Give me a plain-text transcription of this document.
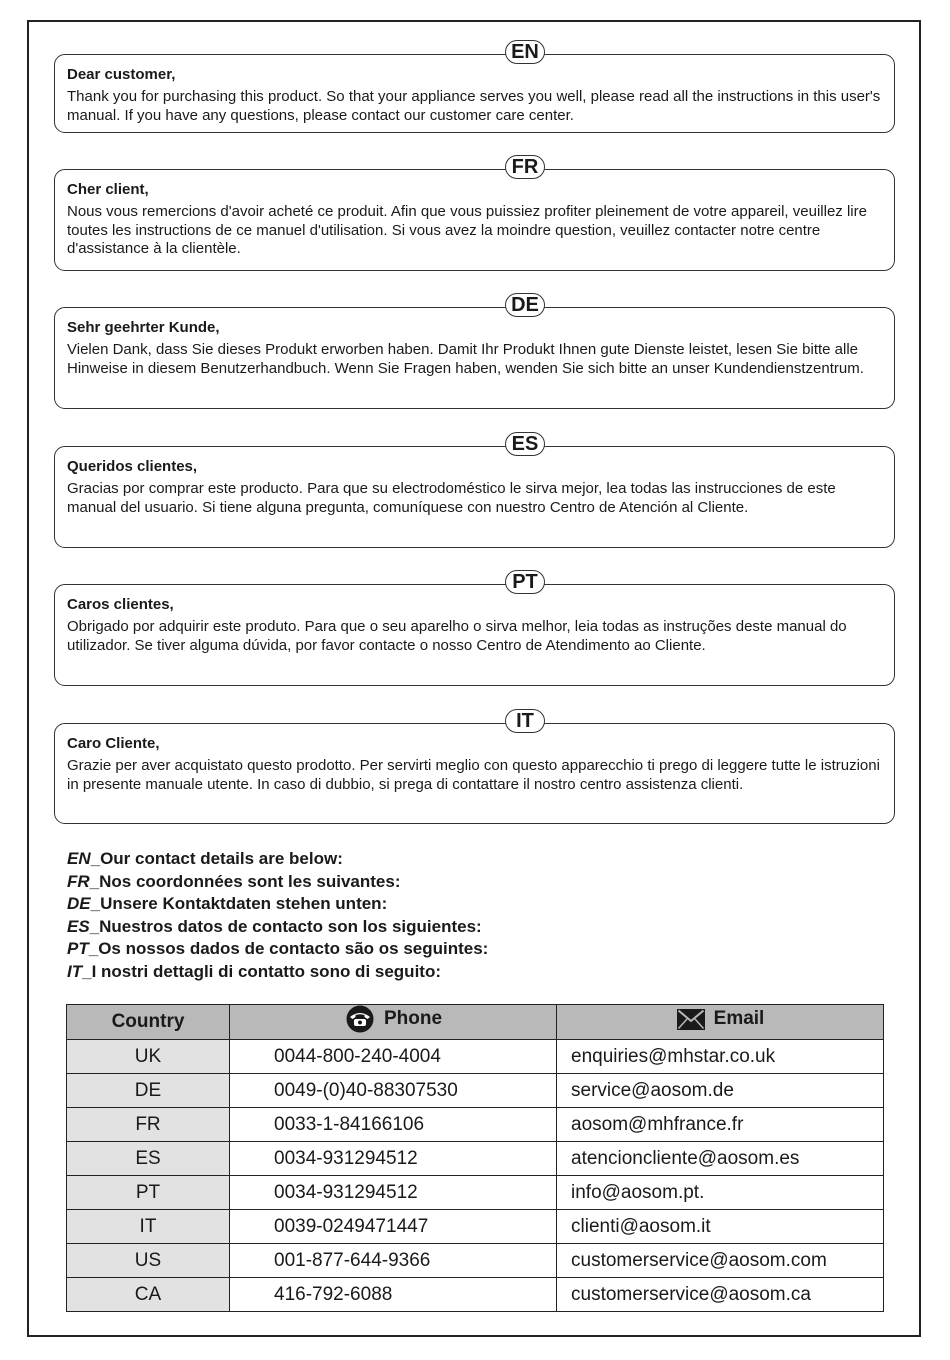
EN

Dear customer,

Thank you for purchasing this product. So that your appliance serves you well, please read all the instructions in this user's manual. If you have any questions, please contact our customer care center.

FR

Cher client,

Nous vous remercions d'avoir acheté ce produit. Afin que vous puissiez profiter pleinement de votre appareil, veuillez lire toutes les instructions de ce manuel d'utilisation. Si vous avez la moindre question, veuillez contacter notre centre d'assistance à la clientèle.

DE

Sehr geehrter Kunde,

Vielen Dank, dass Sie dieses Produkt erworben haben. Damit Ihr Produkt Ihnen gute Dienste leistet, lesen Sie bitte alle Hinweise in diesem Benutzerhandbuch. Wenn Sie Fragen haben, wenden Sie sich bitte an unser Kundendienstzentrum.

ES

Queridos clientes,

Gracias por comprar este producto. Para que su electrodoméstico le sirva mejor, lea todas las instrucciones de este manual del usuario. Si tiene alguna pregunta, comuníquese con nuestro Centro de Atención al Cliente.

PT

Caros clientes,

Obrigado por adquirir este produto. Para que o seu aparelho o sirva melhor, leia todas as instruções deste manual do utilizador. Se tiver alguma dúvida, por favor contacte o nosso Centro de Atendimento ao Cliente.

IT

Caro Cliente,

Grazie per aver acquistato questo prodotto. Per servirti meglio con questo apparecchio ti prego di leggere tutte le istruzioni in presente manuale utente. In caso di dubbio, si prega di contattare il nostro centro assistenza clienti.

EN_Our contact details are below:
FR_Nos coordonnées sont les suivantes:
DE_Unsere Kontaktdaten stehen unten:
ES_Nuestros datos de contacto son los siguientes:
PT_Os nossos dados de contacto são os seguintes:
IT_I nostri dettagli di contatto sono di seguito:
Country	Phone	Email

UK	0044-800-240-4004	enquiries@mhstar.co.uk
DE	0049-(0)40-88307530	service@aosom.de
FR	0033-1-84166106	aosom@mhfrance.fr
ES	0034-931294512	atencioncliente@aosom.es
PT	0034-931294512	info@aosom.pt.
IT	0039-0249471447	clienti@aosom.it
US	001-877-644-9366	customerservice@aosom.com
CA	416-792-6088	customerservice@aosom.ca
